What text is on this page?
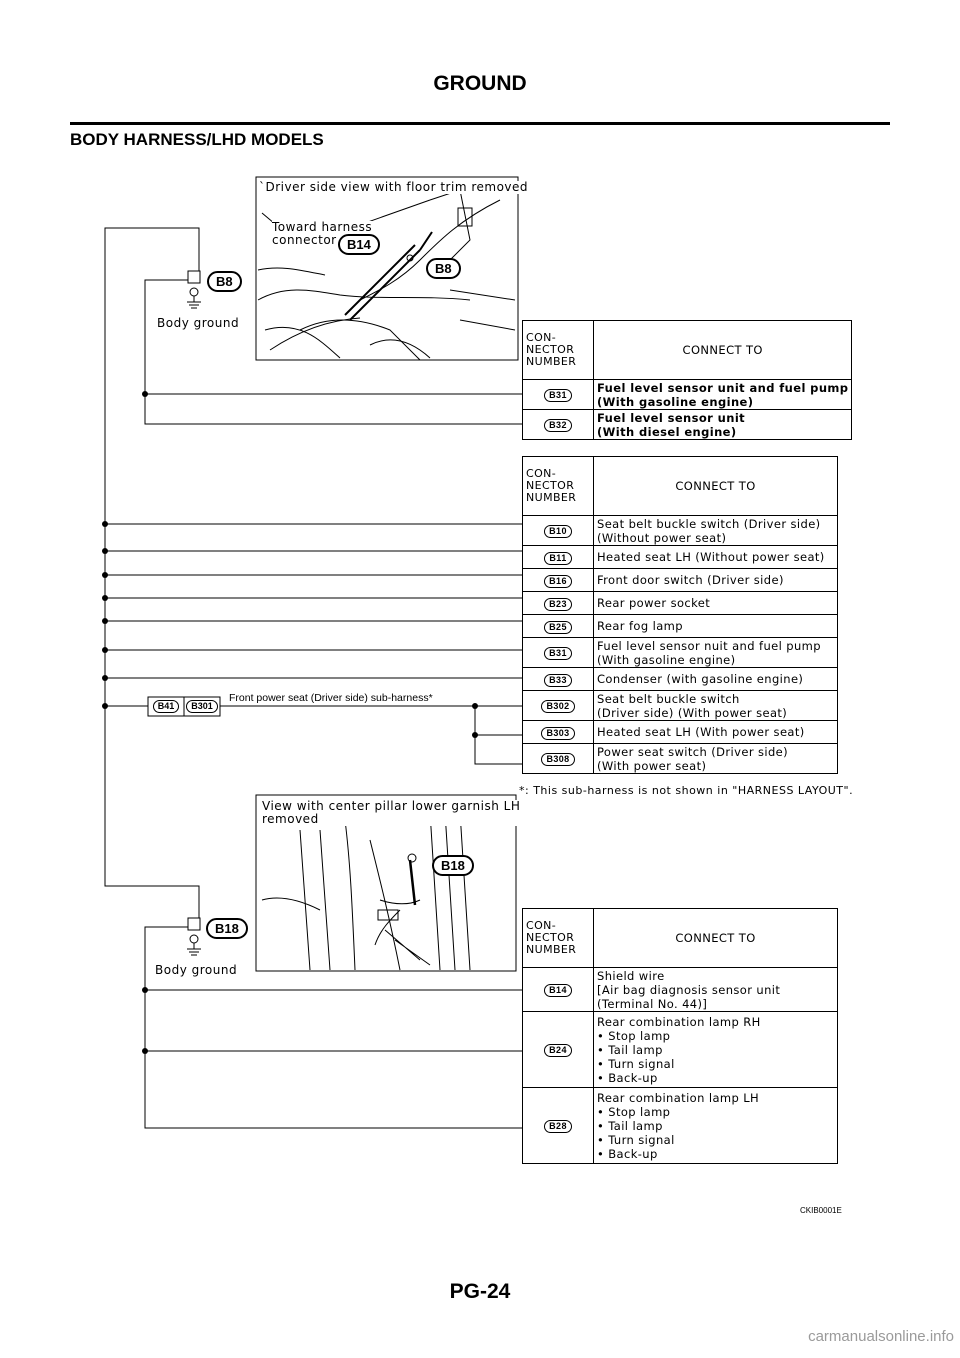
GROUND
BODY HARNESS/LHD MODELS
`Driver side view with floor trim removed
Toward harness
connector B14
B8
B8
Body ground
View with center pillar lower garnish LH
removed
B18
B18
Body ground
B41	B301
Front power seat (Driver side) sub-harness*
CON-
NECTOR
NUMBER	CONNECT TO
B31	Fuel level sensor unit and fuel pump
(With gasoline engine)
B32	Fuel level sensor unit
(With diesel engine)
CON-
NECTOR
NUMBER	CONNECT TO
B10	Seat belt buckle switch (Driver side)
(Without power seat)
B11	Heated seat LH (Without power seat)
B16	Front door switch (Driver side)
B23	Rear power socket
B25	Rear fog lamp
B31	Fuel level sensor nuit and fuel pump
(With gasoline engine)
B33	Condenser (with gasoline engine)
B302	Seat belt buckle switch
(Driver side) (With power seat)
B303	Heated seat LH (With power seat)
B308	Power seat switch (Driver side)
(With power seat)
*: This sub-harness is not shown in "HARNESS LAYOUT".
CON-
NECTOR
NUMBER	CONNECT TO
B14	Shield wire
[Air bag diagnosis sensor unit
(Terminal No. 44)]
B24	Rear combination lamp RH
• Stop lamp
• Tail lamp
• Turn signal
• Back-up
B28	Rear combination lamp LH
• Stop lamp
• Tail lamp
• Turn signal
• Back-up
CKIB0001E
PG-24
carmanualsonline.info
